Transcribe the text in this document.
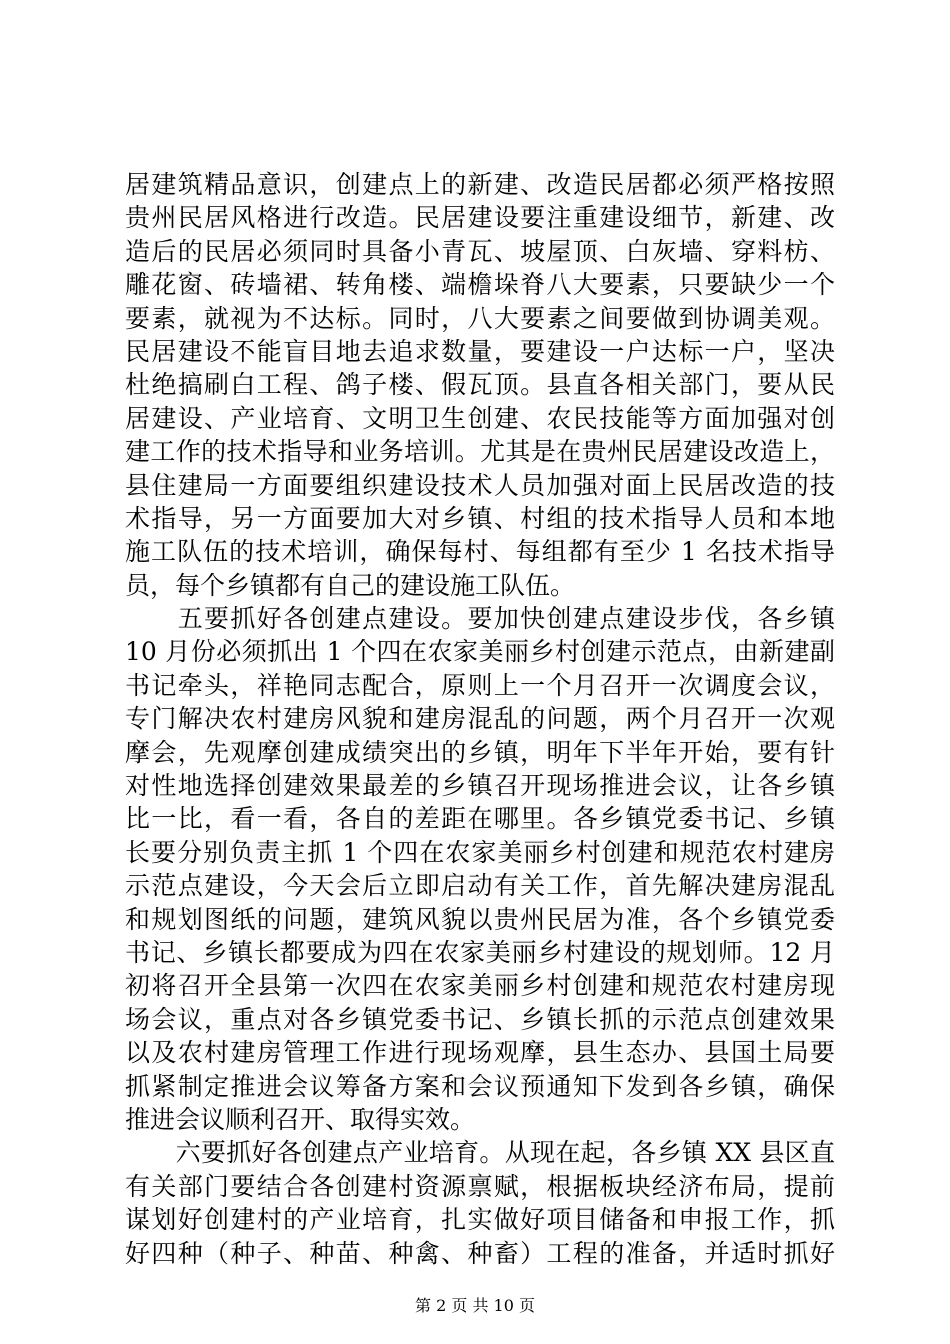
居建筑精品意识，创建点上的新建、改造民居都必须严格按照
贵州民居风格进行改造。民居建设要注重建设细节，新建、改
造后的民居必须同时具备小青瓦、坡屋顶、白灰墙、穿料枋、
雕花窗、砖墙裙、转角楼、端檐垛脊八大要素，只要缺少一个
要素，就视为不达标。同时，八大要素之间要做到协调美观。
民居建设不能盲目地去追求数量，要建设一户达标一户，坚决
杜绝搞刷白工程、鸽子楼、假瓦顶。县直各相关部门，要从民
居建设、产业培育、文明卫生创建、农民技能等方面加强对创
建工作的技术指导和业务培训。尤其是在贵州民居建设改造上，
县住建局一方面要组织建设技术人员加强对面上民居改造的技
术指导，另一方面要加大对乡镇、村组的技术指导人员和本地
施工队伍的技术培训，确保每村、每组都有至少 1 名技术指导
员，每个乡镇都有自己的建设施工队伍。
　　五要抓好各创建点建设。要加快创建点建设步伐，各乡镇
10 月份必须抓出 1 个四在农家美丽乡村创建示范点，由新建副
书记牵头，祥艳同志配合，原则上一个月召开一次调度会议，
专门解决农村建房风貌和建房混乱的问题，两个月召开一次观
摩会，先观摩创建成绩突出的乡镇，明年下半年开始，要有针
对性地选择创建效果最差的乡镇召开现场推进会议，让各乡镇
比一比，看一看，各自的差距在哪里。各乡镇党委书记、乡镇
长要分别负责主抓 1 个四在农家美丽乡村创建和规范农村建房
示范点建设，今天会后立即启动有关工作，首先解决建房混乱
和规划图纸的问题，建筑风貌以贵州民居为准，各个乡镇党委
书记、乡镇长都要成为四在农家美丽乡村建设的规划师。12 月
初将召开全县第一次四在农家美丽乡村创建和规范农村建房现
场会议，重点对各乡镇党委书记、乡镇长抓的示范点创建效果
以及农村建房管理工作进行现场观摩，县生态办、县国土局要
抓紧制定推进会议筹备方案和会议预通知下发到各乡镇，确保
推进会议顺利召开、取得实效。
　　六要抓好各创建点产业培育。从现在起，各乡镇 XX 县区直
有关部门要结合各创建村资源禀赋，根据板块经济布局，提前
谋划好创建村的产业培育，扎实做好项目储备和申报工作，抓
好四种（种子、种苗、种禽、种畜）工程的准备，并适时抓好
第 2 页 共 10 页
